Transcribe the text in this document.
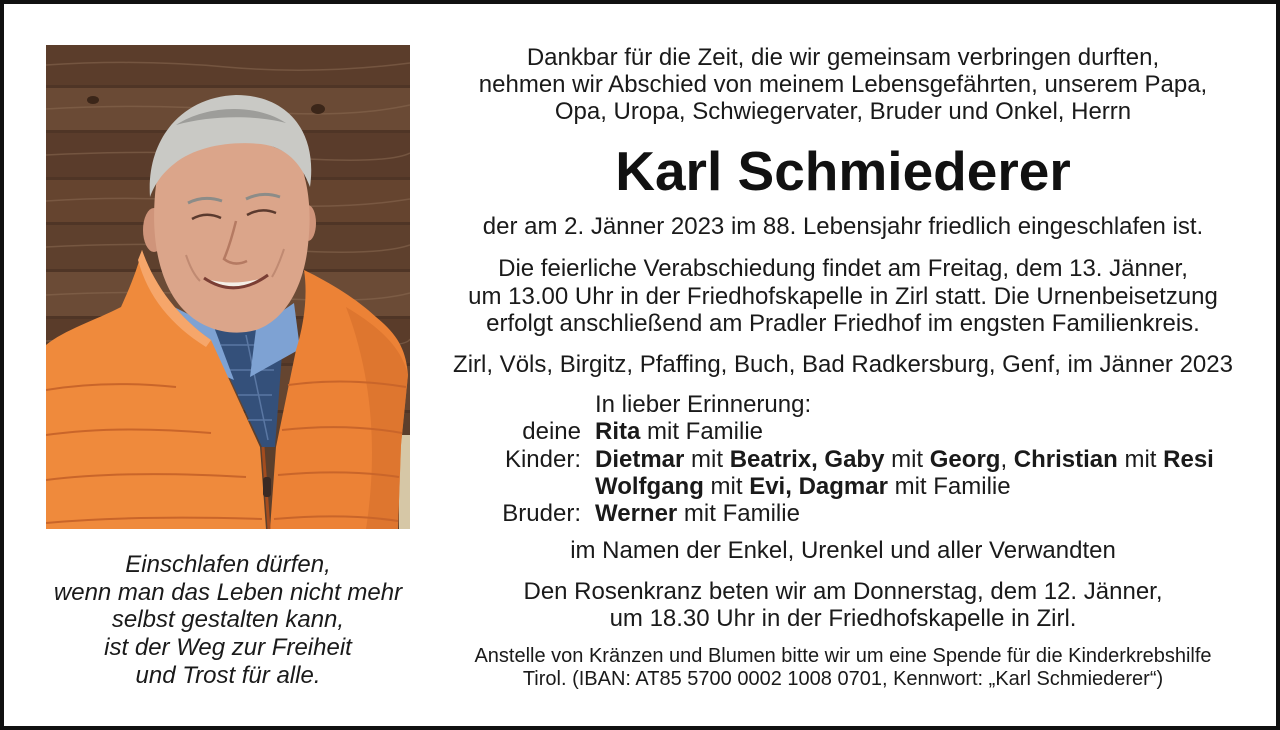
Einschlafen dürfen,
wenn man das Leben nicht mehr
selbst gestalten kann,
ist der Weg zur Freiheit
und Trost für alle.
Dankbar für die Zeit, die wir gemeinsam verbringen durften,
nehmen wir Abschied von meinem Lebensgefährten, unserem Papa,
Opa, Uropa, Schwiegervater, Bruder und Onkel, Herrn
Karl Schmiederer
der am 2. Jänner 2023 im 88. Lebensjahr friedlich eingeschlafen ist.
Die feierliche Verabschiedung findet am Freitag, dem 13. Jänner,
um 13.00 Uhr in der Friedhofskapelle in Zirl statt. Die Urnenbeisetzung
erfolgt anschließend am Pradler Friedhof im engsten Familienkreis.
Zirl, Völs, Birgitz, Pfaffing, Buch, Bad Radkersburg, Genf, im Jänner 2023
In lieber Erinnerung:
deine Rita mit Familie
Kinder: Dietmar mit Beatrix, Gaby mit Georg, Christian mit Resi
Wolfgang mit Evi, Dagmar mit Familie
Bruder: Werner mit Familie
im Namen der Enkel, Urenkel und aller Verwandten
Den Rosenkranz beten wir am Donnerstag, dem 12. Jänner,
um 18.30 Uhr in der Friedhofskapelle in Zirl.
Anstelle von Kränzen und Blumen bitte wir um eine Spende für die Kinderkrebshilfe
Tirol. (IBAN: AT85 5700 0002 1008 0701, Kennwort: „Karl Schmiederer“)
